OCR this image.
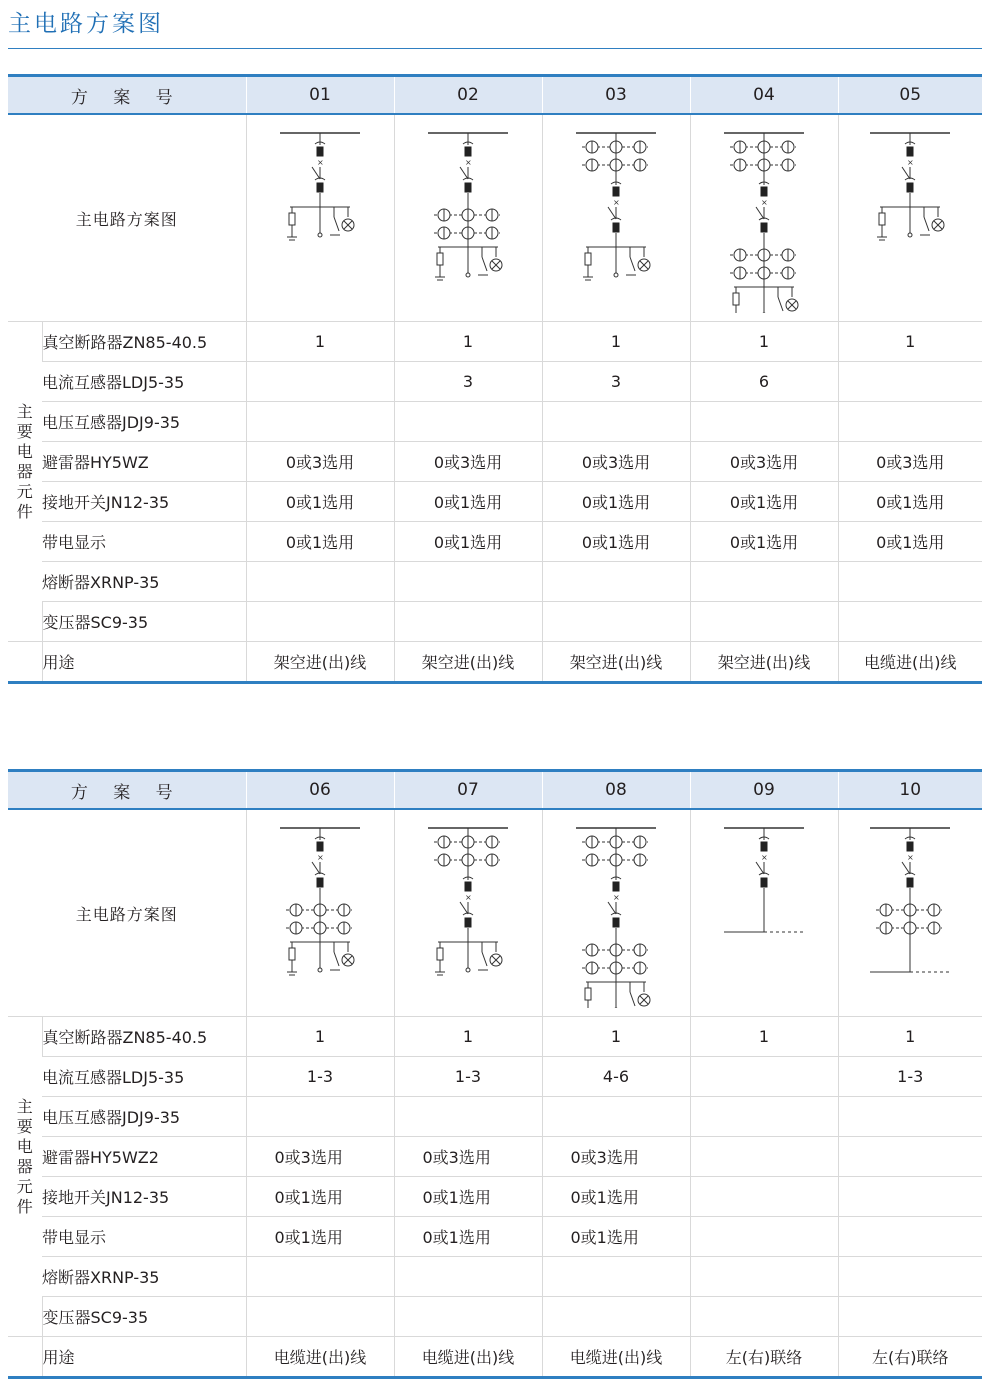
主电路方案图
方 案 号		01	02	03	04	05
主电路方案图		×	×	×	×	×

主要电器元件	真空断路器ZN85-40.5	1	1	1	1	1
	电流互感器LDJ5-35		3	3	6	
	电压互感器JDJ9-35					
	避雷器HY5WZ	0或3选用	0或3选用	0或3选用	0或3选用	0或3选用
	接地开关JN12-35	0或1选用	0或1选用	0或1选用	0或1选用	0或1选用
	带电显示	0或1选用	0或1选用	0或1选用	0或1选用	0或1选用
	熔断器XRNP-35					
	变压器SC9-35					
	用途	架空进(出)线	架空进(出)线	架空进(出)线	架空进(出)线	电缆进(出)线
方 案 号		06	07	08	09	10
主电路方案图		×	×	×	×	×

主要电器元件	真空断路器ZN85-40.5	1	1	1	1	1
	电流互感器LDJ5-35	1-3	1-3	4-6		1-3
	电压互感器JDJ9-35					
	避雷器HY5WZ2	0或3选用	0或3选用	0或3选用		
	接地开关JN12-35	0或1选用	0或1选用	0或1选用		
	带电显示	0或1选用	0或1选用	0或1选用		
	熔断器XRNP-35					
	变压器SC9-35					
	用途	电缆进(出)线	电缆进(出)线	电缆进(出)线	左(右)联络	左(右)联络
